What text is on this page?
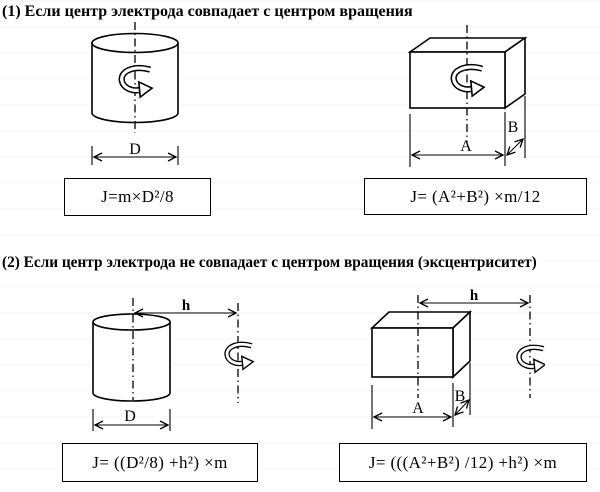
(1) Если центр электрода совпадает с центром вращения
D	A
B
J=m×D²/8	J= (A²+B²) ×m/12
(2) Если центр электрода не совпадает с центром вращения (эксцентриситет)
h
D
h
A
B
J= ((D²/8) +h²) ×m	J= (((A²+B²) /12) +h²) ×m
